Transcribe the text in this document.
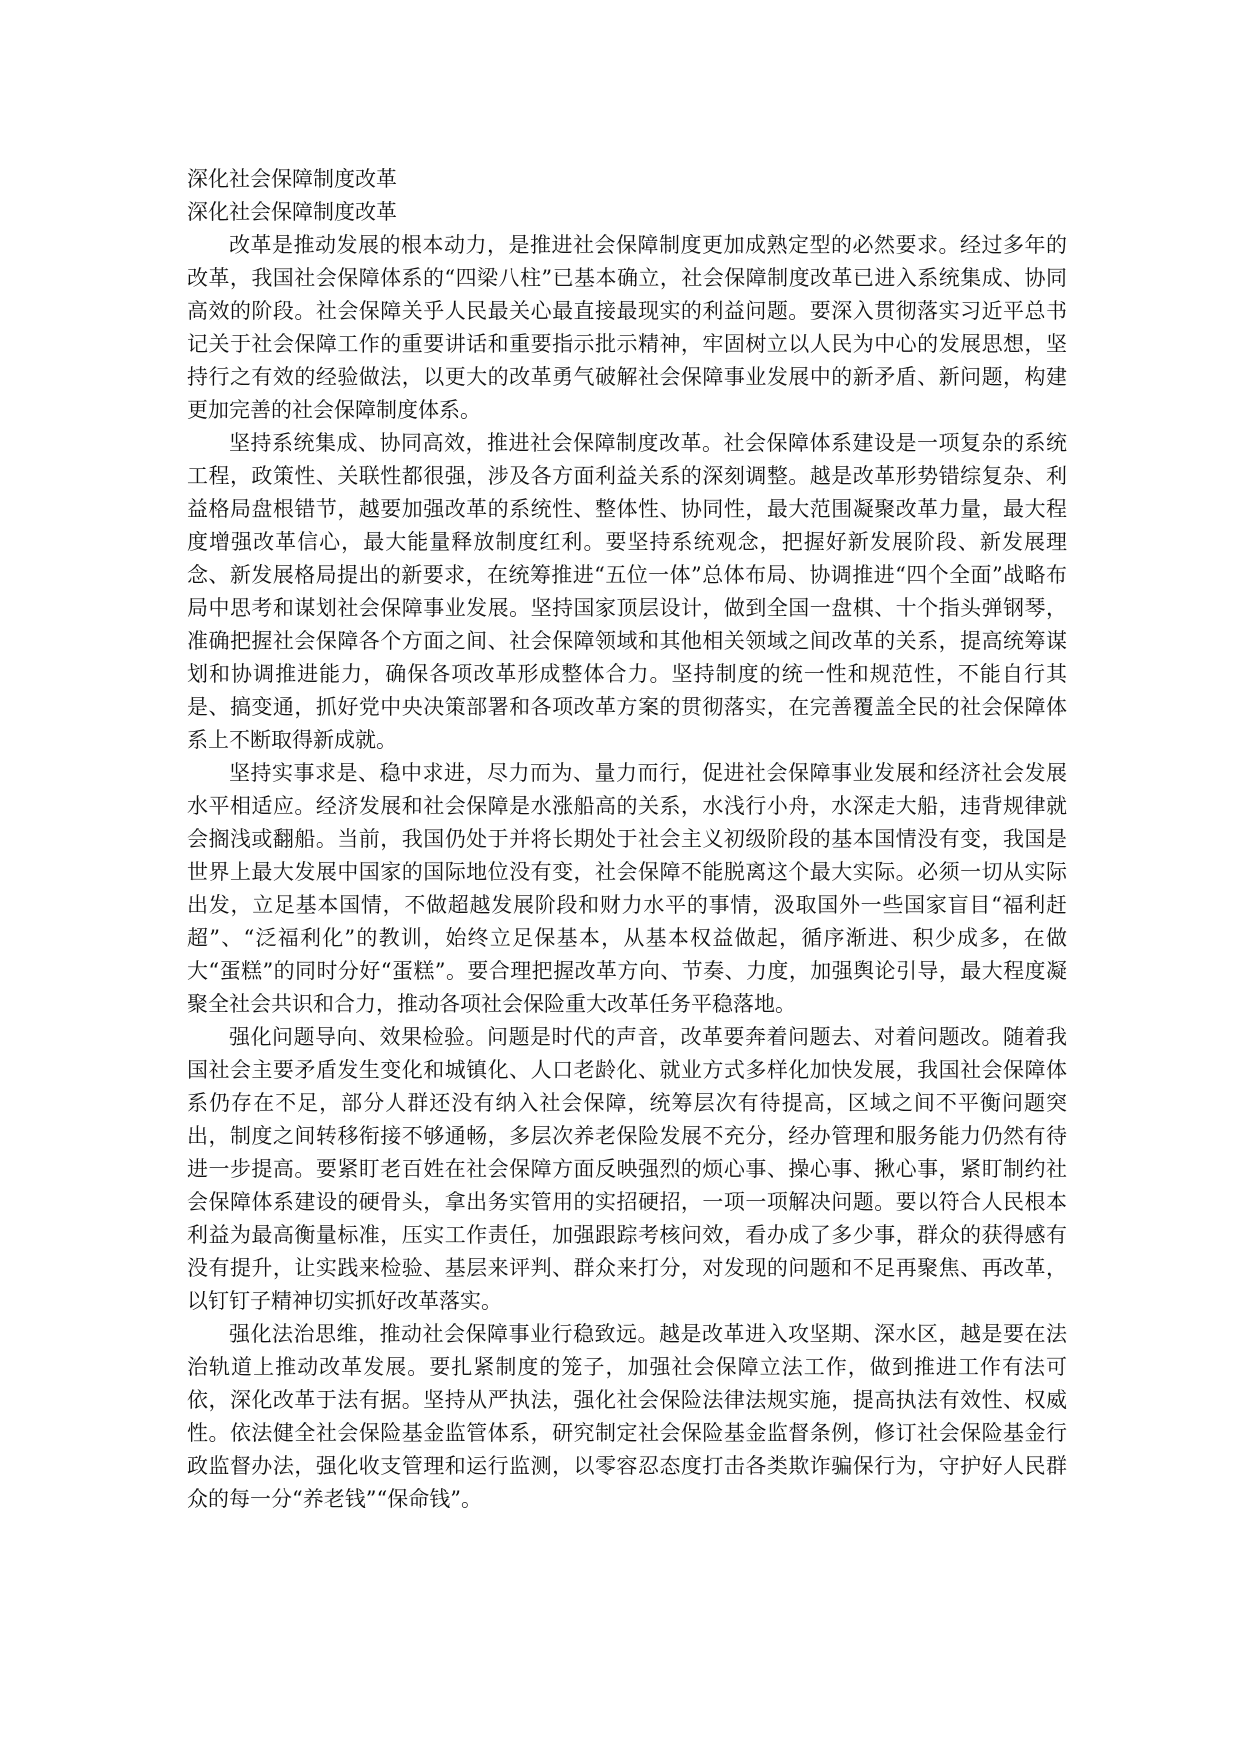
深化社会保障制度改革

深化社会保障制度改革

改革是推动发展的根本动力，是推进社会保障制度更加成熟定型的必然要求。经过多年的改革，我国社会保障体系的“四梁八柱”已基本确立，社会保障制度改革已进入系统集成、协同高效的阶段。社会保障关乎人民最关心最直接最现实的利益问题。要深入贯彻落实习近平总书记关于社会保障工作的重要讲话和重要指示批示精神，牢固树立以人民为中心的发展思想，坚持行之有效的经验做法，以更大的改革勇气破解社会保障事业发展中的新矛盾、新问题，构建更加完善的社会保障制度体系。

坚持系统集成、协同高效，推进社会保障制度改革。社会保障体系建设是一项复杂的系统工程，政策性、关联性都很强，涉及各方面利益关系的深刻调整。越是改革形势错综复杂、利益格局盘根错节，越要加强改革的系统性、整体性、协同性，最大范围凝聚改革力量，最大程度增强改革信心，最大能量释放制度红利。要坚持系统观念，把握好新发展阶段、新发展理念、新发展格局提出的新要求，在统筹推进“五位一体”总体布局、协调推进“四个全面”战略布局中思考和谋划社会保障事业发展。坚持国家顶层设计，做到全国一盘棋、十个指头弹钢琴，准确把握社会保障各个方面之间、社会保障领域和其他相关领域之间改革的关系，提高统筹谋划和协调推进能力，确保各项改革形成整体合力。坚持制度的统一性和规范性，不能自行其是、搞变通，抓好党中央决策部署和各项改革方案的贯彻落实，在完善覆盖全民的社会保障体系上不断取得新成就。

坚持实事求是、稳中求进，尽力而为、量力而行，促进社会保障事业发展和经济社会发展水平相适应。经济发展和社会保障是水涨船高的关系，水浅行小舟，水深走大船，违背规律就会搁浅或翻船。当前，我国仍处于并将长期处于社会主义初级阶段的基本国情没有变，我国是世界上最大发展中国家的国际地位没有变，社会保障不能脱离这个最大实际。必须一切从实际出发，立足基本国情，不做超越发展阶段和财力水平的事情，汲取国外一些国家盲目“福利赶超”、“泛福利化”的教训，始终立足保基本，从基本权益做起，循序渐进、积少成多，在做大“蛋糕”的同时分好“蛋糕”。要合理把握改革方向、节奏、力度，加强舆论引导，最大程度凝聚全社会共识和合力，推动各项社会保险重大改革任务平稳落地。

强化问题导向、效果检验。问题是时代的声音，改革要奔着问题去、对着问题改。随着我国社会主要矛盾发生变化和城镇化、人口老龄化、就业方式多样化加快发展，我国社会保障体系仍存在不足，部分人群还没有纳入社会保障，统筹层次有待提高，区域之间不平衡问题突出，制度之间转移衔接不够通畅，多层次养老保险发展不充分，经办管理和服务能力仍然有待进一步提高。要紧盯老百姓在社会保障方面反映强烈的烦心事、操心事、揪心事，紧盯制约社会保障体系建设的硬骨头，拿出务实管用的实招硬招，一项一项解决问题。要以符合人民根本利益为最高衡量标准，压实工作责任，加强跟踪考核问效，看办成了多少事，群众的获得感有没有提升，让实践来检验、基层来评判、群众来打分，对发现的问题和不足再聚焦、再改革，以钉钉子精神切实抓好改革落实。

强化法治思维，推动社会保障事业行稳致远。越是改革进入攻坚期、深水区，越是要在法治轨道上推动改革发展。要扎紧制度的笼子，加强社会保障立法工作，做到推进工作有法可依，深化改革于法有据。坚持从严执法，强化社会保险法律法规实施，提高执法有效性、权威性。依法健全社会保险基金监管体系，研究制定社会保险基金监督条例，修订社会保险基金行政监督办法，强化收支管理和运行监测，以零容忍态度打击各类欺诈骗保行为，守护好人民群众的每一分“养老钱”“保命钱”。
